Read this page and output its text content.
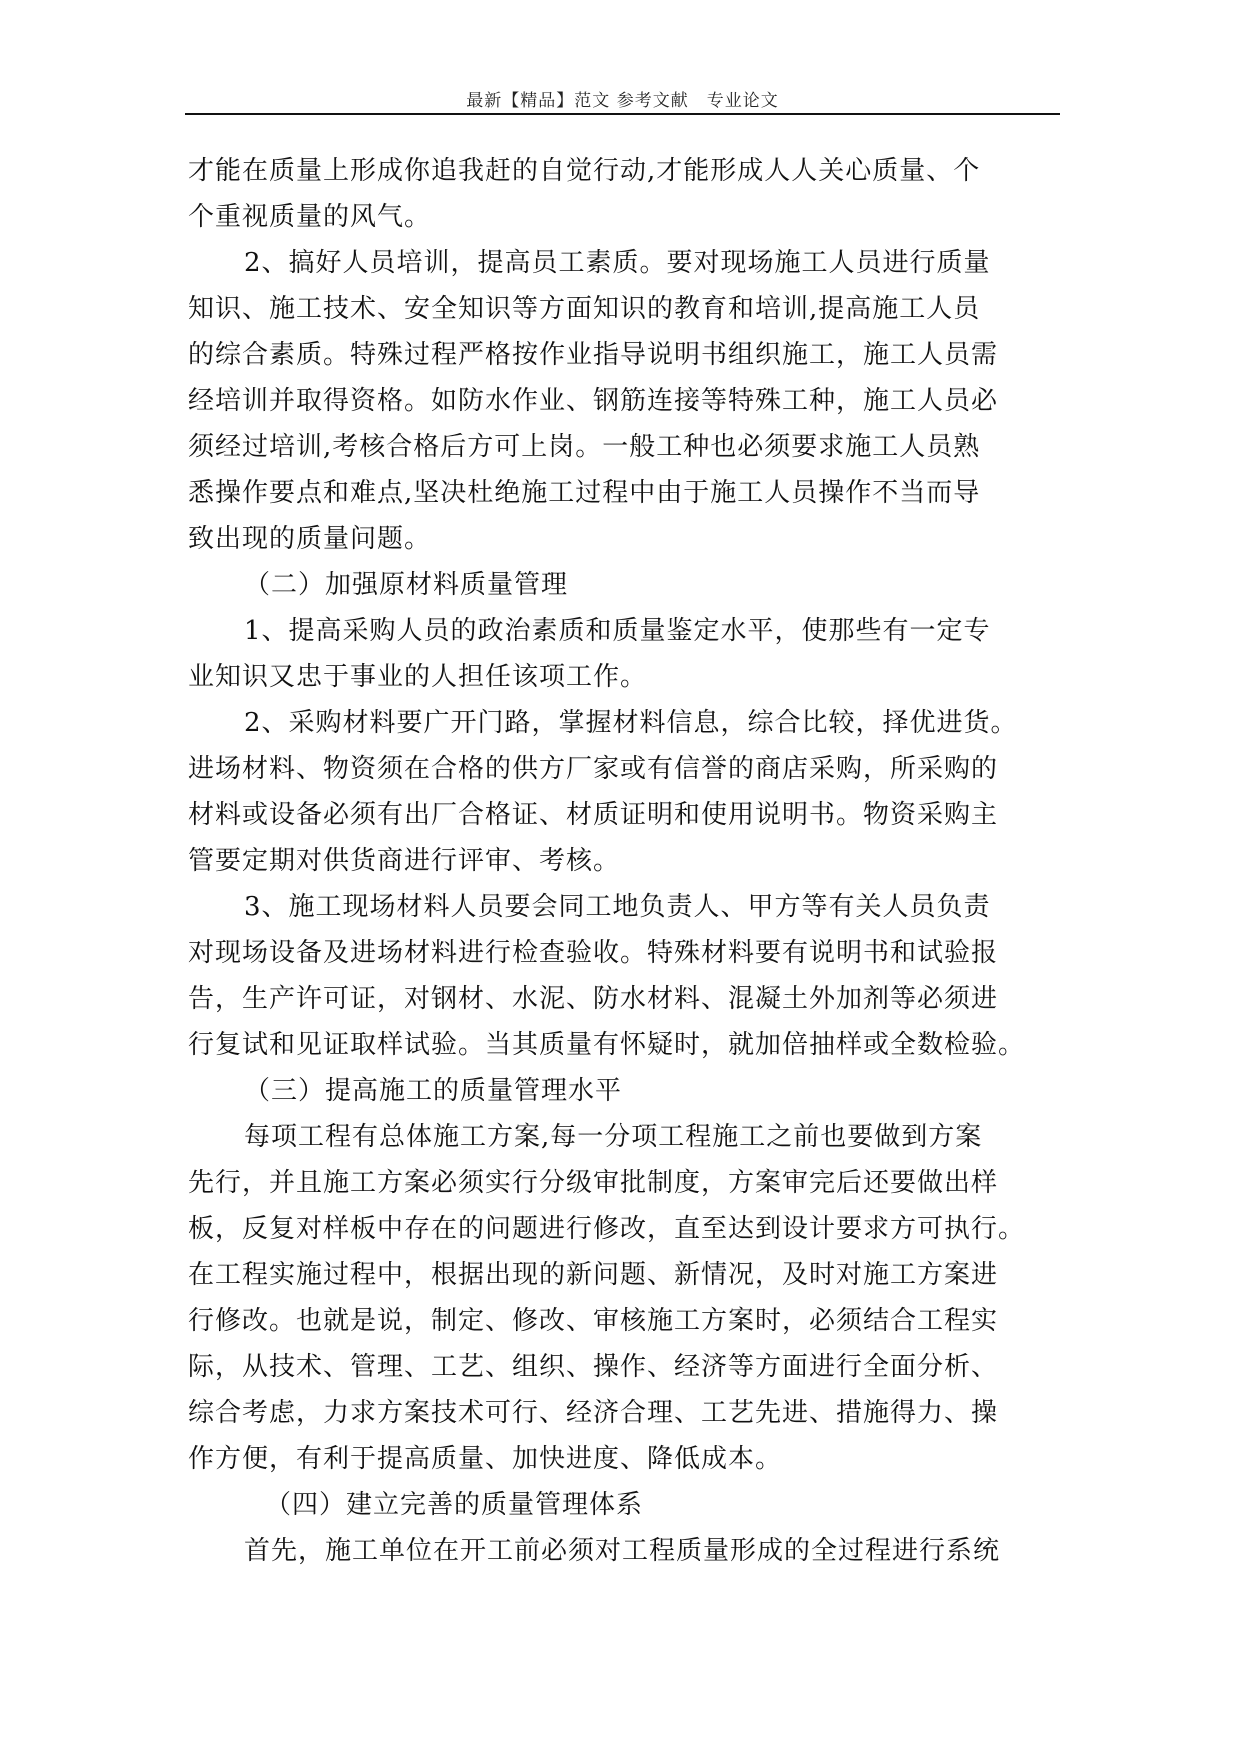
最新【精品】范文 参考文献　专业论文
才能在质量上形成你追我赶的自觉行动,才能形成人人关心质量、个
个重视质量的风气。
2、搞好人员培训，提高员工素质。要对现场施工人员进行质量
知识、施工技术、安全知识等方面知识的教育和培训,提高施工人员
的综合素质。特殊过程严格按作业指导说明书组织施工，施工人员需
经培训并取得资格。如防水作业、钢筋连接等特殊工种，施工人员必
须经过培训,考核合格后方可上岗。一般工种也必须要求施工人员熟
悉操作要点和难点,坚决杜绝施工过程中由于施工人员操作不当而导
致出现的质量问题。
（二）加强原材料质量管理
1、提高采购人员的政治素质和质量鉴定水平，使那些有一定专
业知识又忠于事业的人担任该项工作。
2、采购材料要广开门路，掌握材料信息，综合比较，择优进货。
进场材料、物资须在合格的供方厂家或有信誉的商店采购，所采购的
材料或设备必须有出厂合格证、材质证明和使用说明书。物资采购主
管要定期对供货商进行评审、考核。
3、施工现场材料人员要会同工地负责人、甲方等有关人员负责
对现场设备及进场材料进行检查验收。特殊材料要有说明书和试验报
告，生产许可证，对钢材、水泥、防水材料、混凝土外加剂等必须进
行复试和见证取样试验。当其质量有怀疑时，就加倍抽样或全数检验。
（三）提高施工的质量管理水平
每项工程有总体施工方案,每一分项工程施工之前也要做到方案
先行，并且施工方案必须实行分级审批制度，方案审完后还要做出样
板，反复对样板中存在的问题进行修改，直至达到设计要求方可执行。
在工程实施过程中，根据出现的新问题、新情况，及时对施工方案进
行修改。也就是说，制定、修改、审核施工方案时，必须结合工程实
际，从技术、管理、工艺、组织、操作、经济等方面进行全面分析、
综合考虑，力求方案技术可行、经济合理、工艺先进、措施得力、操
作方便，有利于提高质量、加快进度、降低成本。
（四）建立完善的质量管理体系
首先，施工单位在开工前必须对工程质量形成的全过程进行系统
